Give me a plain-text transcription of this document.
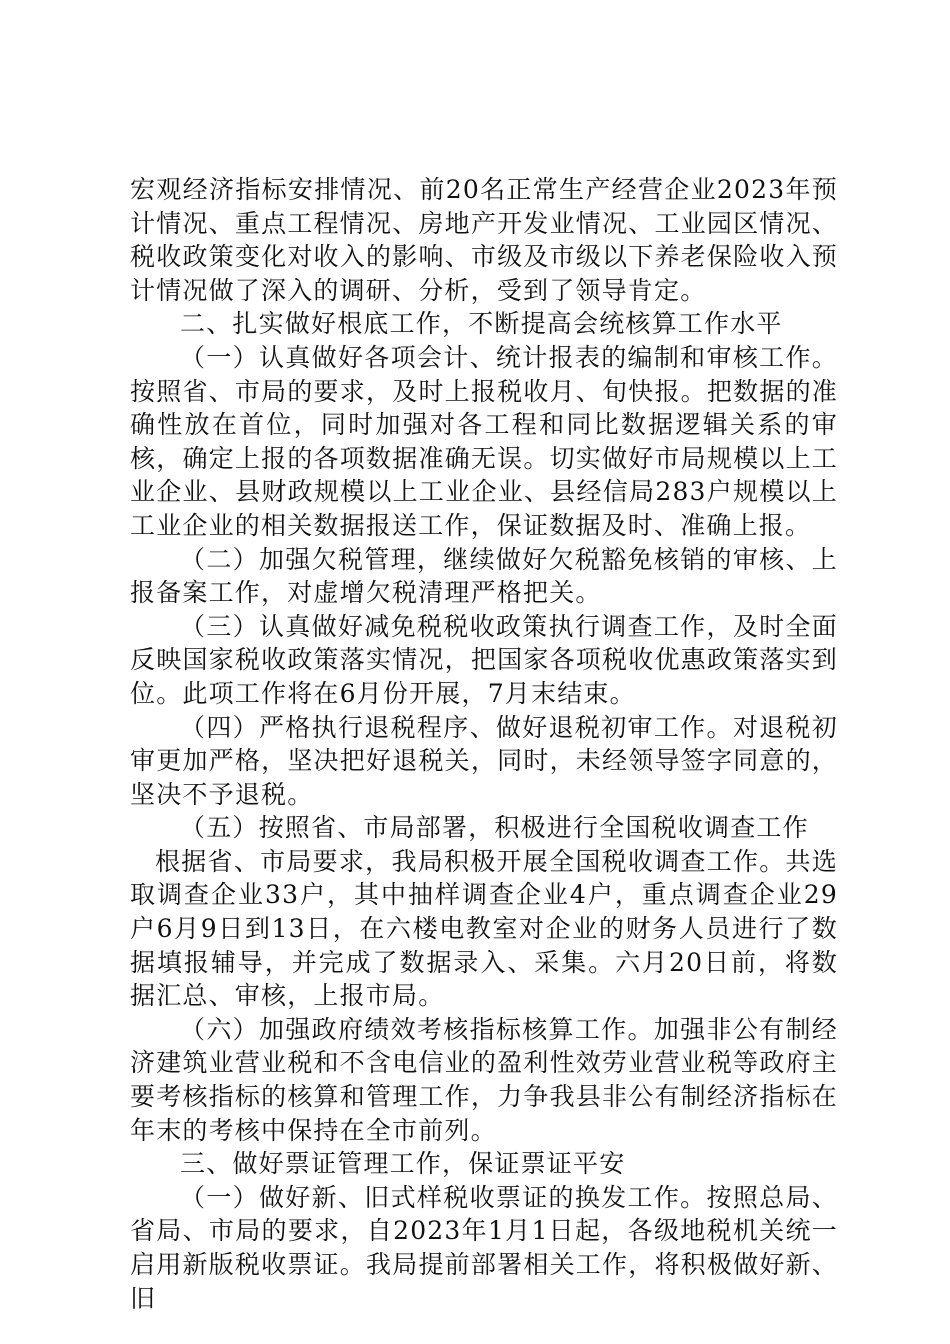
宏观经济指标安排情况、前20名正常生产经营企业2023年预计情况、重点工程情况、房地产开发业情况、工业园区情况、税收政策变化对收入的影响、市级及市级以下养老保险收入预计情况做了深入的调研、分析，受到了领导肯定。

二、扎实做好根底工作，不断提高会统核算工作水平

（一）认真做好各项会计、统计报表的编制和审核工作。按照省、市局的要求，及时上报税收月、旬快报。把数据的准确性放在首位，同时加强对各工程和同比数据逻辑关系的审核，确定上报的各项数据准确无误。切实做好市局规模以上工业企业、县财政规模以上工业企业、县经信局283户规模以上工业企业的相关数据报送工作，保证数据及时、准确上报。

（二）加强欠税管理，继续做好欠税豁免核销的审核、上报备案工作，对虚增欠税清理严格把关。

（三）认真做好减免税税收政策执行调查工作，及时全面反映国家税收政策落实情况，把国家各项税收优惠政策落实到位。此项工作将在6月份开展，7月末结束。

（四）严格执行退税程序、做好退税初审工作。对退税初审更加严格，坚决把好退税关，同时，未经领导签字同意的，坚决不予退税。

（五）按照省、市局部署，积极进行全国税收调查工作

根据省、市局要求，我局积极开展全国税收调查工作。共选取调查企业33户，其中抽样调查企业4户，重点调查企业29户6月9日到13日，在六楼电教室对企业的财务人员进行了数据填报辅导，并完成了数据录入、采集。六月20日前，将数据汇总、审核，上报市局。

（六）加强政府绩效考核指标核算工作。加强非公有制经济建筑业营业税和不含电信业的盈利性效劳业营业税等政府主要考核指标的核算和管理工作，力争我县非公有制经济指标在年末的考核中保持在全市前列。

三、做好票证管理工作，保证票证平安

（一）做好新、旧式样税收票证的换发工作。按照总局、省局、市局的要求，自2023年1月1日起，各级地税机关统一启用新版税收票证。我局提前部署相关工作，将积极做好新、旧
